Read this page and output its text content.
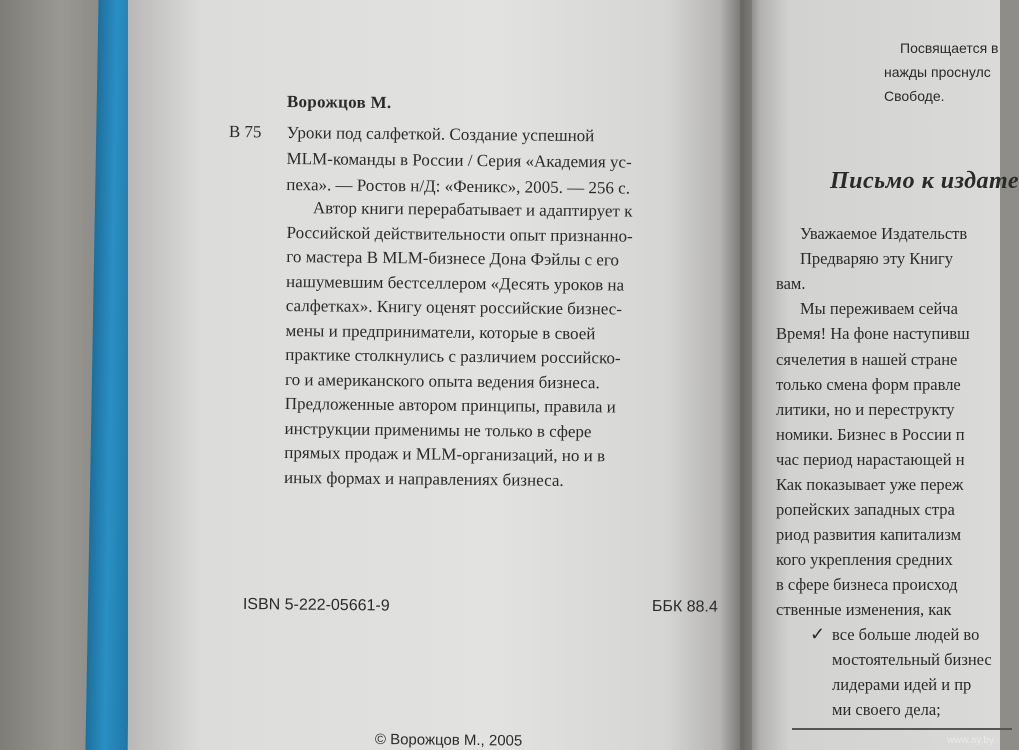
Посвящается в
нажды проснулс
Свободе.
Письмо к издате
Уважаемое Издательств
Предваряю эту Книгу
вам.
Мы переживаем сейча
Время! На фоне наступивш
сячелетия в нашей стране
только смена форм правле
литики, но и переструкту
номики. Бизнес в России п
час период нарастающей н
Как показывает уже переж
ропейских западных стра
риод развития капитализм
кого укрепления средних
в сфере бизнеса происход
ственные изменения, как
✓ все больше людей во
мостоятельный бизнес
лидерами идей и пр
ми своего дела;
www.ay.by
Ворожцов М.
В 75 Уроки под салфеткой. Создание успешной
MLM-команды в России / Серия «Академия ус-
пеха». — Ростов н/Д: «Феникс», 2005. — 256 с.
Автор книги перерабатывает и адаптирует к
Российской действительности опыт признанно-
го мастера В MLM-бизнесе Дона Фэйлы с его
нашумевшим бестселлером «Десять уроков на
салфетках». Книгу оценят российские бизнес-
мены и предприниматели, которые в своей
практике столкнулись с различием российско-
го и американского опыта ведения бизнеса.
Предложенные автором принципы, правила и
инструкции применимы не только в сфере
прямых продаж и MLM-организаций, но и в
иных формах и направлениях бизнеса.
ISBN 5-222-05661-9	ББК 88.4
© Ворожцов М., 2005
